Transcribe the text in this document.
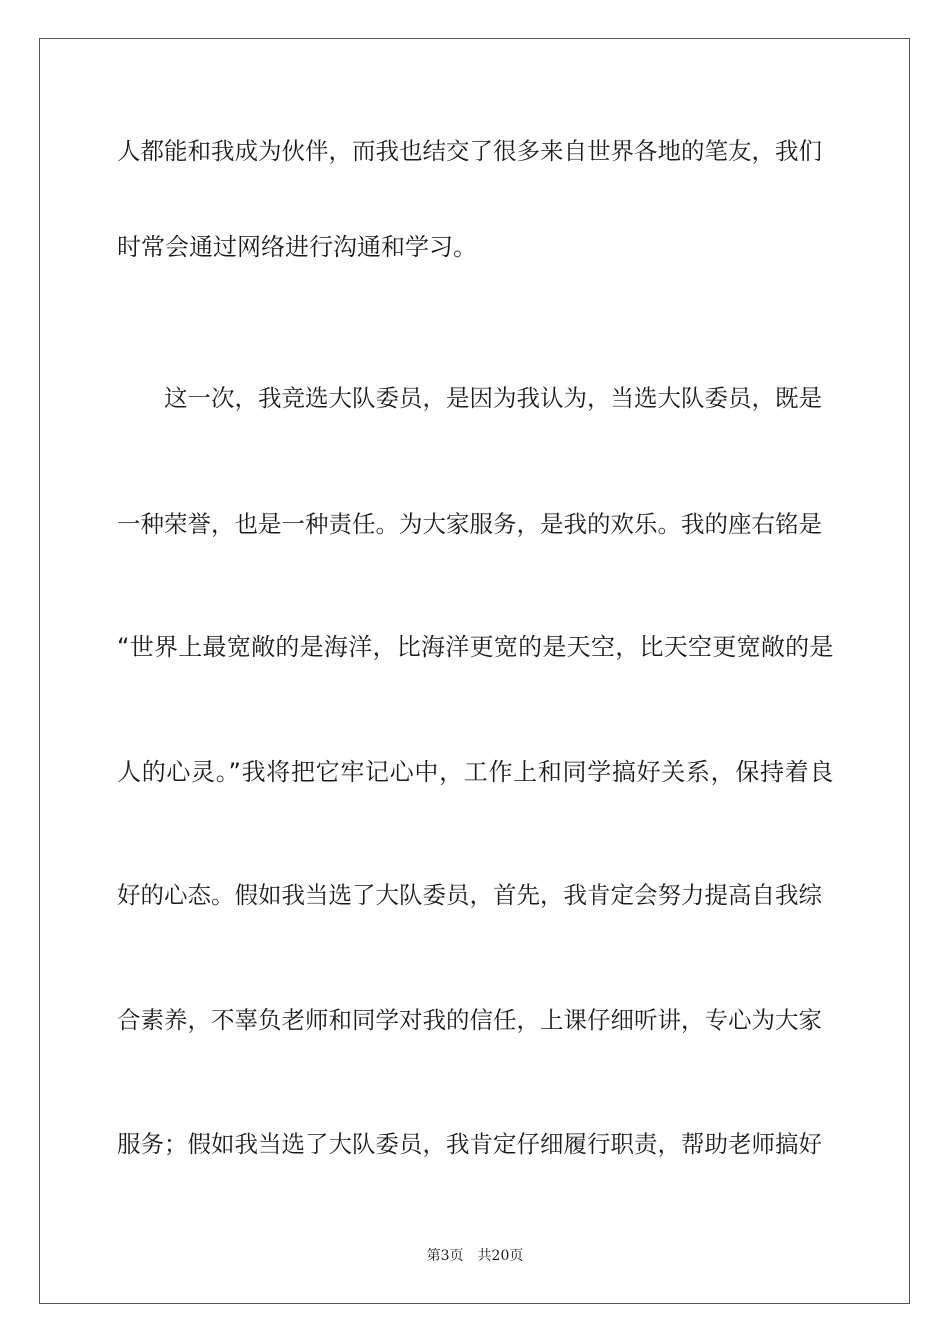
人都能和我成为伙伴，而我也结交了很多来自世界各地的笔友，我们
时常会通过网络进行沟通和学习。
　　这一次，我竞选大队委员，是因为我认为，当选大队委员，既是
一种荣誉，也是一种责任。为大家服务，是我的欢乐。我的座右铭是
“世界上最宽敞的是海洋，比海洋更宽的是天空，比天空更宽敞的是
人的心灵。”我将把它牢记心中，工作上和同学搞好关系，保持着良
好的心态。假如我当选了大队委员，首先，我肯定会努力提高自我综
合素养，不辜负老师和同学对我的信任，上课仔细听讲，专心为大家
服务；假如我当选了大队委员，我肯定仔细履行职责，帮助老师搞好
第3页 共20页
